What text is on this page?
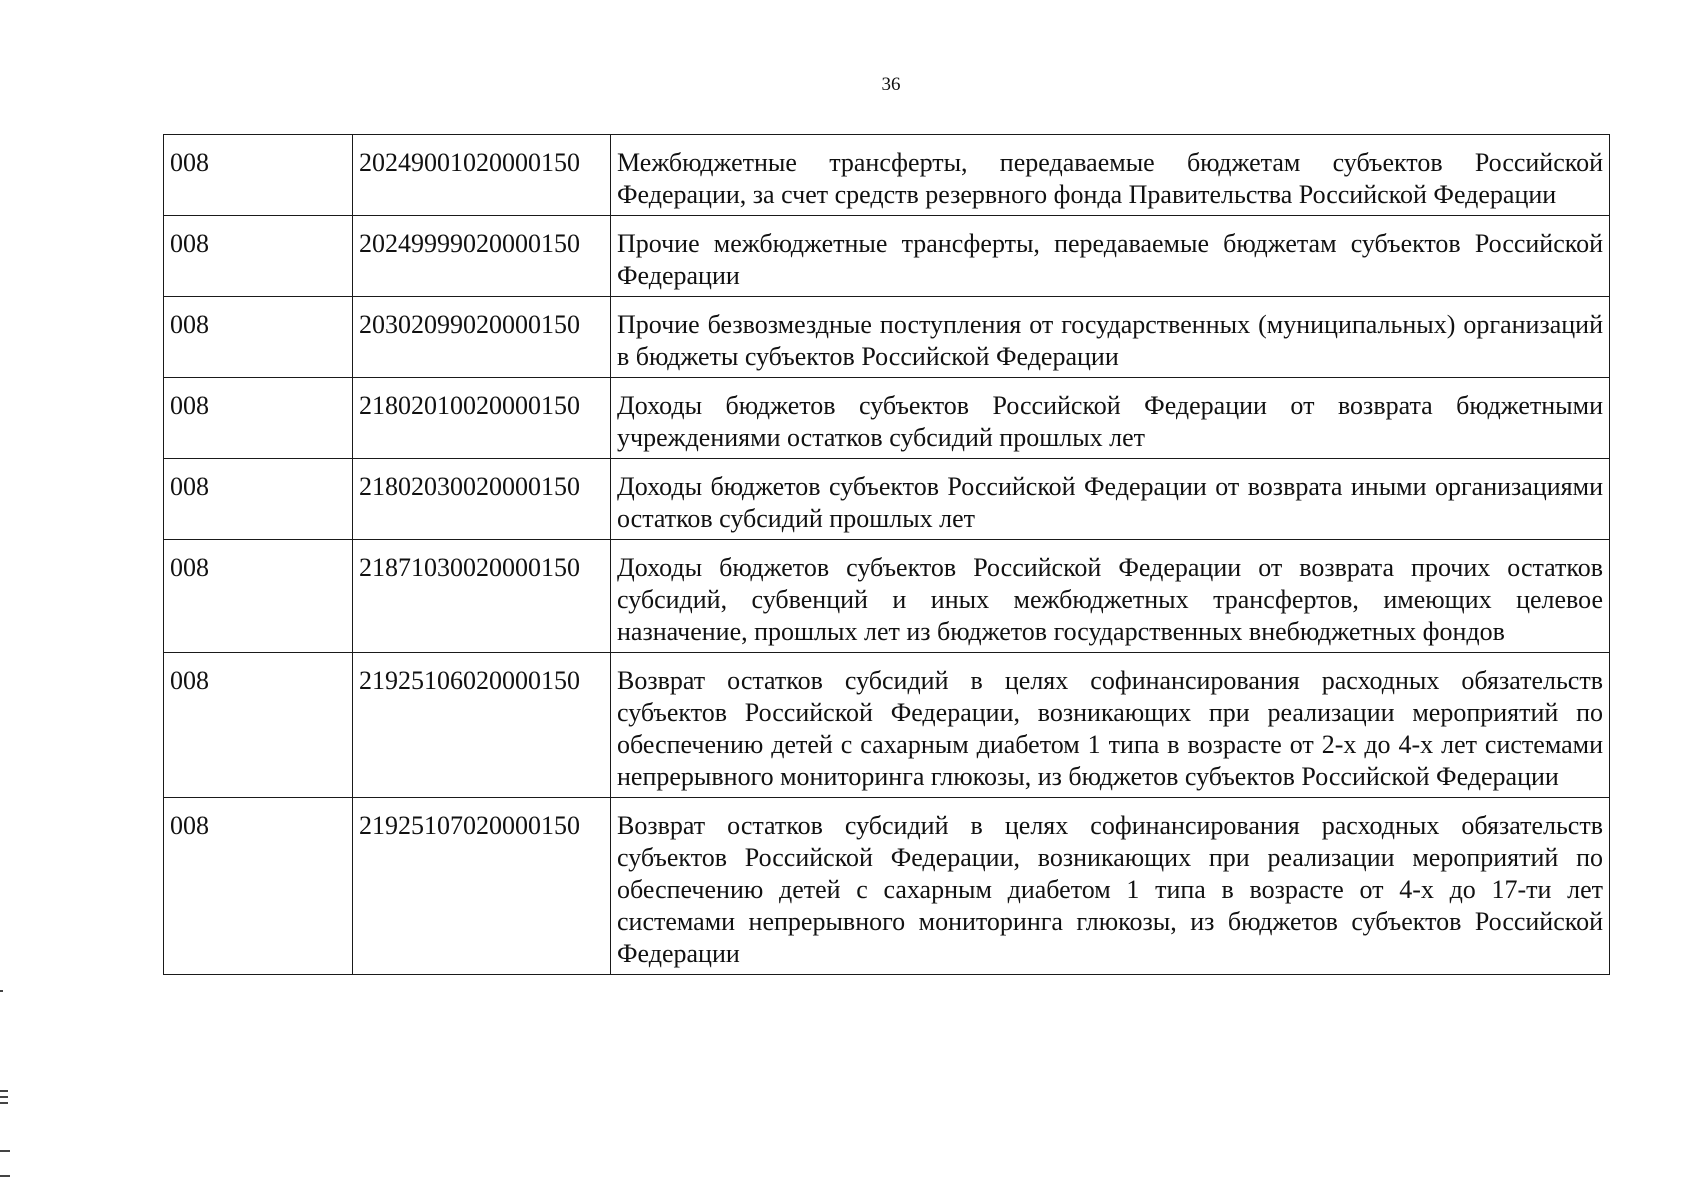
36
008	20249001020000150	Межбюджетные трансферты, передаваемые бюджетам субъектов Российской Федерации, за счет средств резервного фонда Правительства Российской Федерации
008	20249999020000150	Прочие межбюджетные трансферты, передаваемые бюджетам субъектов Российской Федерации
008	20302099020000150	Прочие безвозмездные поступления от государственных (муниципальных) организаций в бюджеты субъектов Российской Федерации
008	21802010020000150	Доходы бюджетов субъектов Российской Федерации от возврата бюджетными учреждениями остатков субсидий прошлых лет
008	21802030020000150	Доходы бюджетов субъектов Российской Федерации от возврата иными организациями остатков субсидий прошлых лет
008	21871030020000150	Доходы бюджетов субъектов Российской Федерации от возврата прочих остатков субсидий, субвенций и иных межбюджетных трансфертов, имеющих целевое назначение, прошлых лет из бюджетов государственных внебюджетных фондов
008	21925106020000150	Возврат остатков субсидий в целях софинансирования расходных обязательств субъектов Российской Федерации, возникающих при реализации мероприятий по обеспечению детей с сахарным диабетом 1 типа в возрасте от 2-х до 4-х лет системами непрерывного мониторинга глюкозы, из бюджетов субъектов Российской Федерации
008	21925107020000150	Возврат остатков субсидий в целях софинансирования расходных обязательств субъектов Российской Федерации, возникающих при реализации мероприятий по обеспечению детей с сахарным диабетом 1 типа в возрасте от 4-х до 17-ти лет системами непрерывного мониторинга глюкозы, из бюджетов субъектов Российской Федерации
